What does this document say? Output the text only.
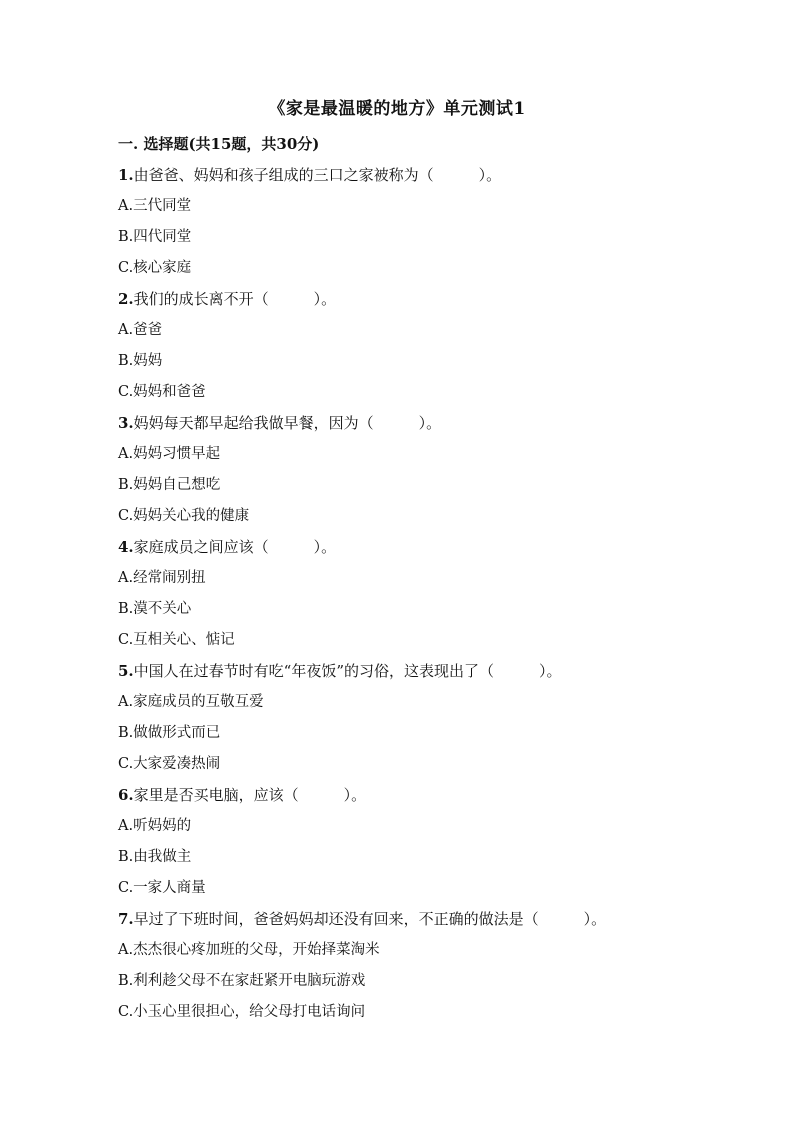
《家是最温暖的地方》单元测试1
一. 选择题(共15题，共30分)
1.由爸爸、妈妈和孩子组成的三口之家被称为（　　　）。
A.三代同堂
B.四代同堂
C.核心家庭
2.我们的成长离不开（　　　）。
A.爸爸
B.妈妈
C.妈妈和爸爸
3.妈妈每天都早起给我做早餐，因为（　　　）。
A.妈妈习惯早起
B.妈妈自己想吃
C.妈妈关心我的健康
4.家庭成员之间应该（　　　）。
A.经常闹别扭
B.漠不关心
C.互相关心、惦记
5.中国人在过春节时有吃“年夜饭”的习俗，这表现出了（　　　）。
A.家庭成员的互敬互爱
B.做做形式而已
C.大家爱凑热闹
6.家里是否买电脑，应该（　　　）。
A.听妈妈的
B.由我做主
C.一家人商量
7.早过了下班时间，爸爸妈妈却还没有回来，不正确的做法是（　　　）。
A.杰杰很心疼加班的父母，开始择菜淘米
B.利利趁父母不在家赶紧开电脑玩游戏
C.小玉心里很担心，给父母打电话询问
